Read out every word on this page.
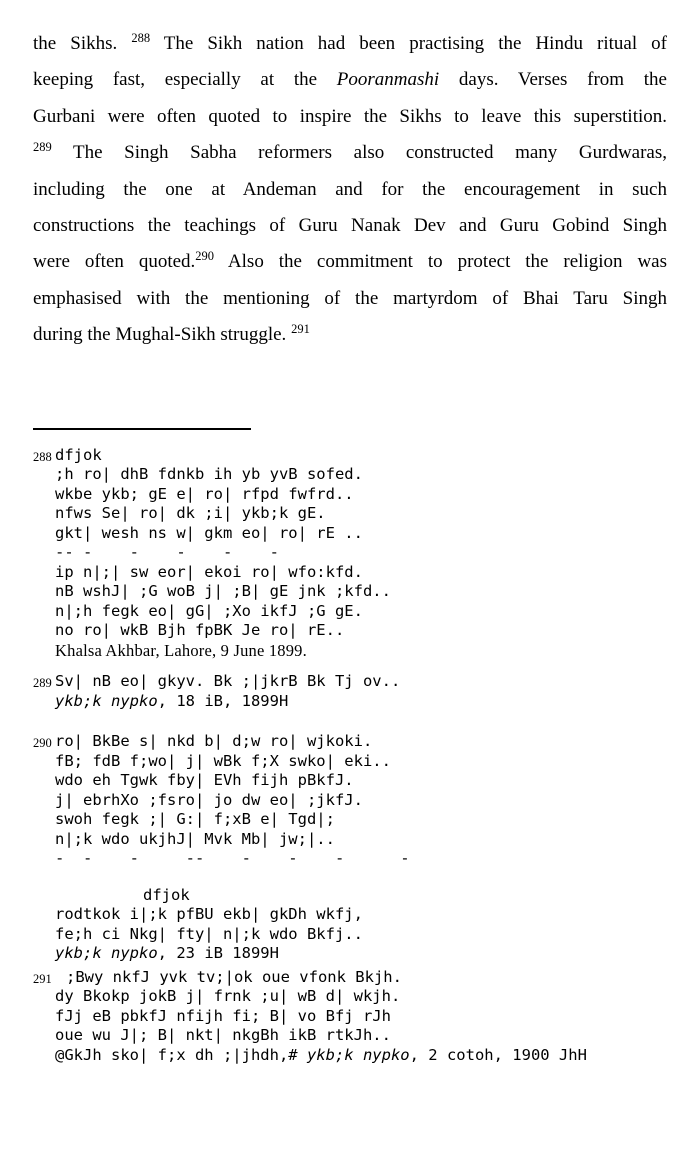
the Sikhs. $^{288}$ The Sikh nation had been practising the Hindu ritual of
keeping fast, especially at the Pooranmashi days. Verses from the
Gurbani were often quoted to inspire the Sikhs to leave this superstition.
$^{289}$ The Singh Sabha reformers also constructed many Gurdwaras,
including the one at Andeman and for the encouragement in such
constructions the teachings of Guru Nanak Dev and Guru Gobind Singh
were often quoted.$^{290}$ Also the commitment to protect the religion was
emphasised with the mentioning of the martyrdom of Bhai Taru Singh
during the Mughal-Sikh struggle. $^{291}$
288 dfjok
;h ro| dhB fdnkb ih yb yvB sofed.
wkbe ykb; gE e| ro| rfpd fwfrd..
nfws Se| ro| dk ;i| ykb;k gE.
gkt| wesh ns w| gkm eo| ro| rE ..
-- -    -    -    -    -
ip n|;| sw eor| ekoi ro| wfo:kfd.
nB wshJ| ;G woB j| ;B| gE jnk ;kfd..
n|;h fegk eo| gG| ;Xo ikfJ ;G gE.
no ro| wkB Bjh fpBK Je ro| rE..
Khalsa Akhbar, Lahore, 9 June 1899.
289 Sv| nB eo| gkyv. Bk ;|jkrB Bk Tj ov..
ykb;k nypko, 18 iB, 1899H
290 ro| BkBe s| nkd b| d;w ro| wjkoki.
fB; fdB f;wo| j| wBk f;X swko| eki..
wdo eh Tgwk fby| EVh fijh pBkfJ.
j| ebrhXo ;fsro| jo dw eo| ;jkfJ.
swoh fegk ;| G:| f;xB e| Tgd|;
n|;k wdo ukjhJ| Mvk Mb| jw;|..
-  -    -     --    -    -    -      -
dfjok
rodtkok i|;k pfBU ekb| gkDh wkfj,
fe;h ci Nkg| fty| n|;k wdo Bkfj..
ykb;k nypko, 23 iB 1899H
291 ;Bwy nkfJ yvk tv;|ok oue vfonk Bkjh.
dy Bkokp jokB j| frnk ;u| wB d| wkjh.
fJj eB pbkfJ nfijh fi; B| vo Bfj rJh
oue wu J|; B| nkt| nkgBh ikB rtkJh..
@GkJh sko| f;x dh ;|jhdh,# ykb;k nypko, 2 cotoh, 1900 JhH
